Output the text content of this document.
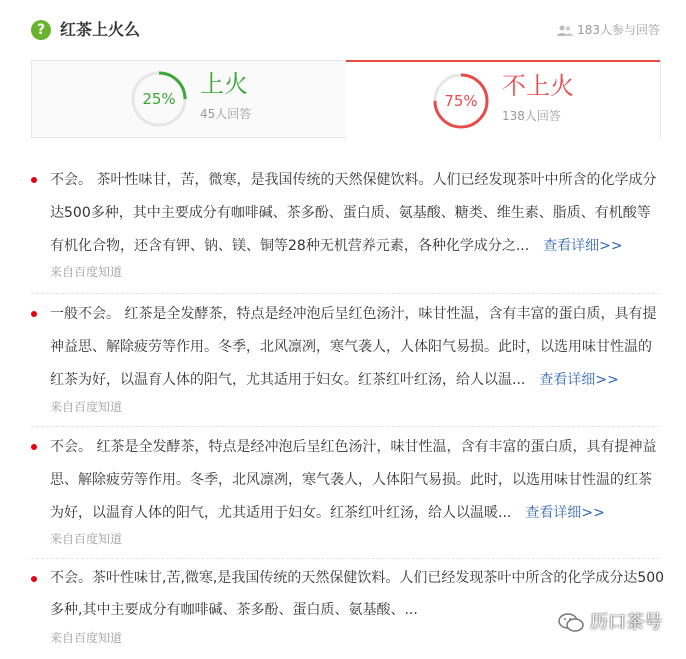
? 红茶上火么	183人参与回答
25%
上火
45人回答
75%
不上火
138人回答
不会。 茶叶性味甘，苦，微寒，是我国传统的天然保健饮料。人们已经发现茶叶中所含的化学成分
达500多种，其中主要成分有咖啡碱、茶多酚、蛋白质、氨基酸、糖类、维生素、脂质、有机酸等
有机化合物，还含有钾、钠、镁、铜等28种无机营养元素，各种化学成分之... 查看详细>>
来自百度知道
一般不会。 红茶是全发酵茶，特点是经冲泡后呈红色汤汁，味甘性温，含有丰富的蛋白质，具有提
神益思、解除疲劳等作用。冬季，北风凛冽，寒气袭人，人体阳气易损。此时，以选用味甘性温的
红茶为好，以温育人体的阳气，尤其适用于妇女。红茶红叶红汤，给人以温... 查看详细>>
来自百度知道
不会。 红茶是全发酵茶，特点是经冲泡后呈红色汤汁，味甘性温，含有丰富的蛋白质，具有提神益
思、解除疲劳等作用。冬季，北风凛冽，寒气袭人，人体阳气易损。此时，以选用味甘性温的红茶
为好，以温育人体的阳气，尤其适用于妇女。红茶红叶红汤，给人以温暖... 查看详细>>
来自百度知道
不会。茶叶性味甘,苦,微寒,是我国传统的天然保健饮料。人们已经发现茶叶中所含的化学成分达500
多种,其中主要成分有咖啡碱、茶多酚、蛋白质、氨基酸、...
来自百度知道
历口茶号
